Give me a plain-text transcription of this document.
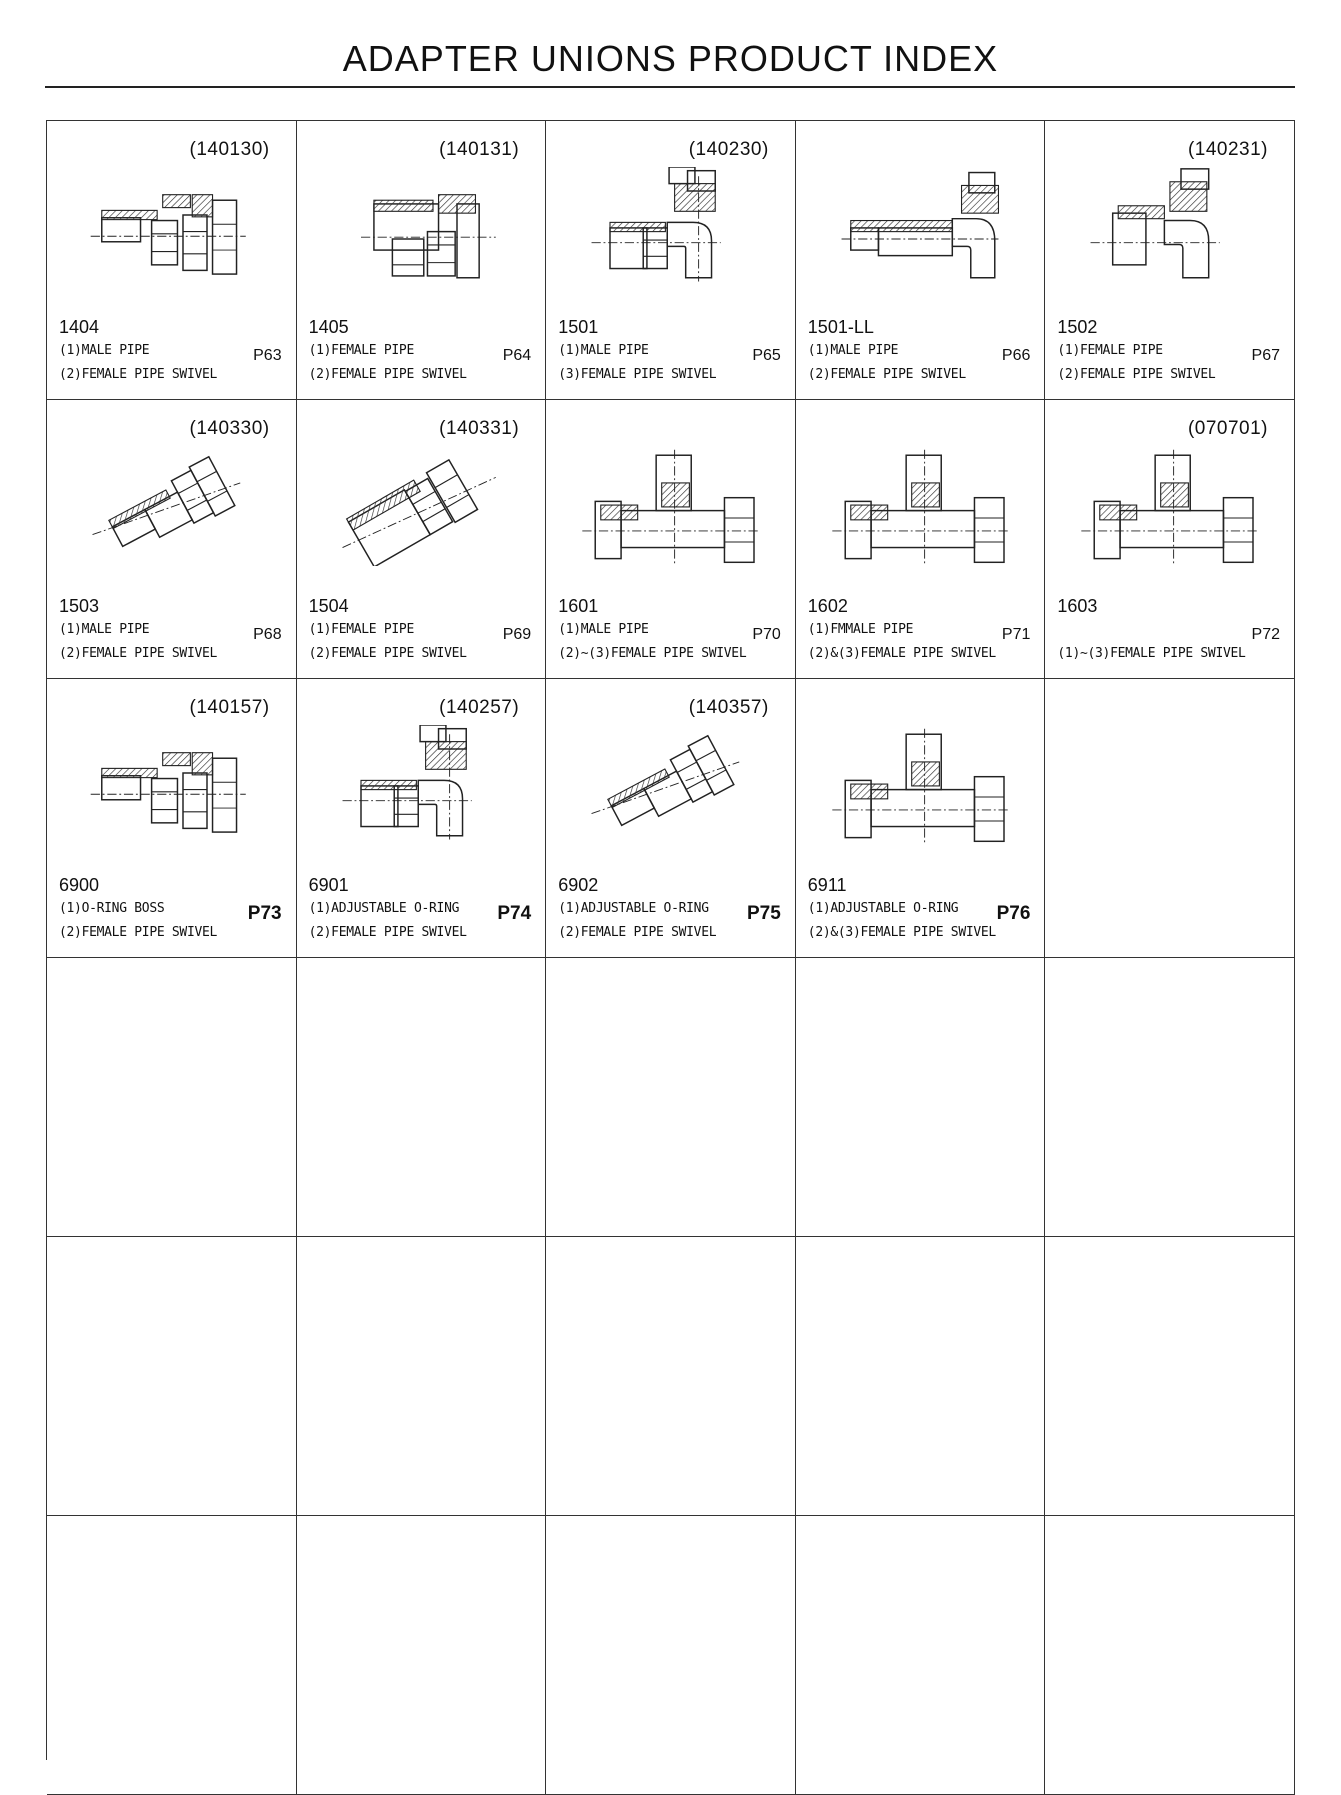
ADAPTER UNIONS PRODUCT INDEX
(140130)
1404
(1)MALE PIPE
(2)FEMALE PIPE SWIVEL
P63
(140131)
1405
(1)FEMALE PIPE
(2)FEMALE PIPE SWIVEL
P64
(140230)
1501
(1)MALE PIPE
(3)FEMALE PIPE SWIVEL
P65
1501-LL
(1)MALE PIPE
(2)FEMALE PIPE SWIVEL
P66
(140231)
1502
(1)FEMALE PIPE
(2)FEMALE PIPE SWIVEL
P67
(140330)
1503
(1)MALE PIPE
(2)FEMALE PIPE SWIVEL
P68
(140331)
1504
(1)FEMALE PIPE
(2)FEMALE PIPE SWIVEL
P69
1601
(1)MALE PIPE
(2)~(3)FEMALE PIPE SWIVEL
P70
1602
(1)FMMALE PIPE
(2)&(3)FEMALE PIPE SWIVEL
P71
(070701)
1603
(1)~(3)FEMALE PIPE SWIVEL
P72
(140157)
6900
(1)O-RING BOSS
(2)FEMALE PIPE SWIVEL
P73
(140257)
6901
(1)ADJUSTABLE O-RING
(2)FEMALE PIPE SWIVEL
P74
(140357)
6902
(1)ADJUSTABLE O-RING
(2)FEMALE PIPE SWIVEL
P75
6911
(1)ADJUSTABLE O-RING
(2)&(3)FEMALE PIPE SWIVEL
P76
